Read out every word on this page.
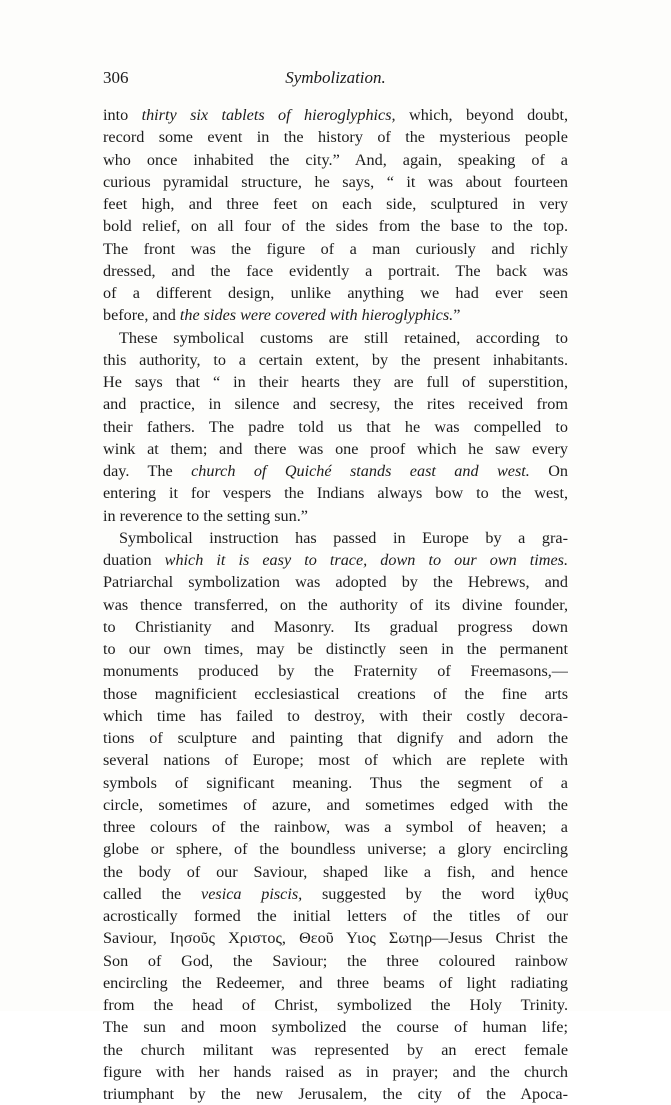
306	Symbolization.
into thirty six tablets of hieroglyphics, which, beyond doubt,
record some event in the history of the mysterious people
who once inhabited the city.” And, again, speaking of a
curious pyramidal structure, he says, “ it was about fourteen
feet high, and three feet on each side, sculptured in very
bold relief, on all four of the sides from the base to the top.
The front was the figure of a man curiously and richly
dressed, and the face evidently a portrait. The back was
of a different design, unlike anything we had ever seen
before, and the sides were covered with hieroglyphics.”
These symbolical customs are still retained, according to
this authority, to a certain extent, by the present inhabitants.
He says that “ in their hearts they are full of superstition,
and practice, in silence and secresy, the rites received from
their fathers. The padre told us that he was compelled to
wink at them; and there was one proof which he saw every
day. The church of Quiché stands east and west. On
entering it for vespers the Indians always bow to the west,
in reverence to the setting sun.”
Symbolical instruction has passed in Europe by a gra-
duation which it is easy to trace, down to our own times.
Patriarchal symbolization was adopted by the Hebrews, and
was thence transferred, on the authority of its divine founder,
to Christianity and Masonry. Its gradual progress down
to our own times, may be distinctly seen in the permanent
monuments produced by the Fraternity of Freemasons,—
those magnificient ecclesiastical creations of the fine arts
which time has failed to destroy, with their costly decora-
tions of sculpture and painting that dignify and adorn the
several nations of Europe; most of which are replete with
symbols of significant meaning. Thus the segment of a
circle, sometimes of azure, and sometimes edged with the
three colours of the rainbow, was a symbol of heaven; a
globe or sphere, of the boundless universe; a glory encircling
the body of our Saviour, shaped like a fish, and hence
called the vesica piscis, suggested by the word ἰχθυς
acrostically formed the initial letters of the titles of our
Saviour, Ιησοῦς Χριστος, Θεοῦ Υιος Σωτηρ—Jesus Christ the
Son of God, the Saviour; the three coloured rainbow
encircling the Redeemer, and three beams of light radiating
from the head of Christ, symbolized the Holy Trinity.
The sun and moon symbolized the course of human life;
the church militant was represented by an erect female
figure with her hands raised as in prayer; and the church
triumphant by the new Jerusalem, the city of the Apoca-
